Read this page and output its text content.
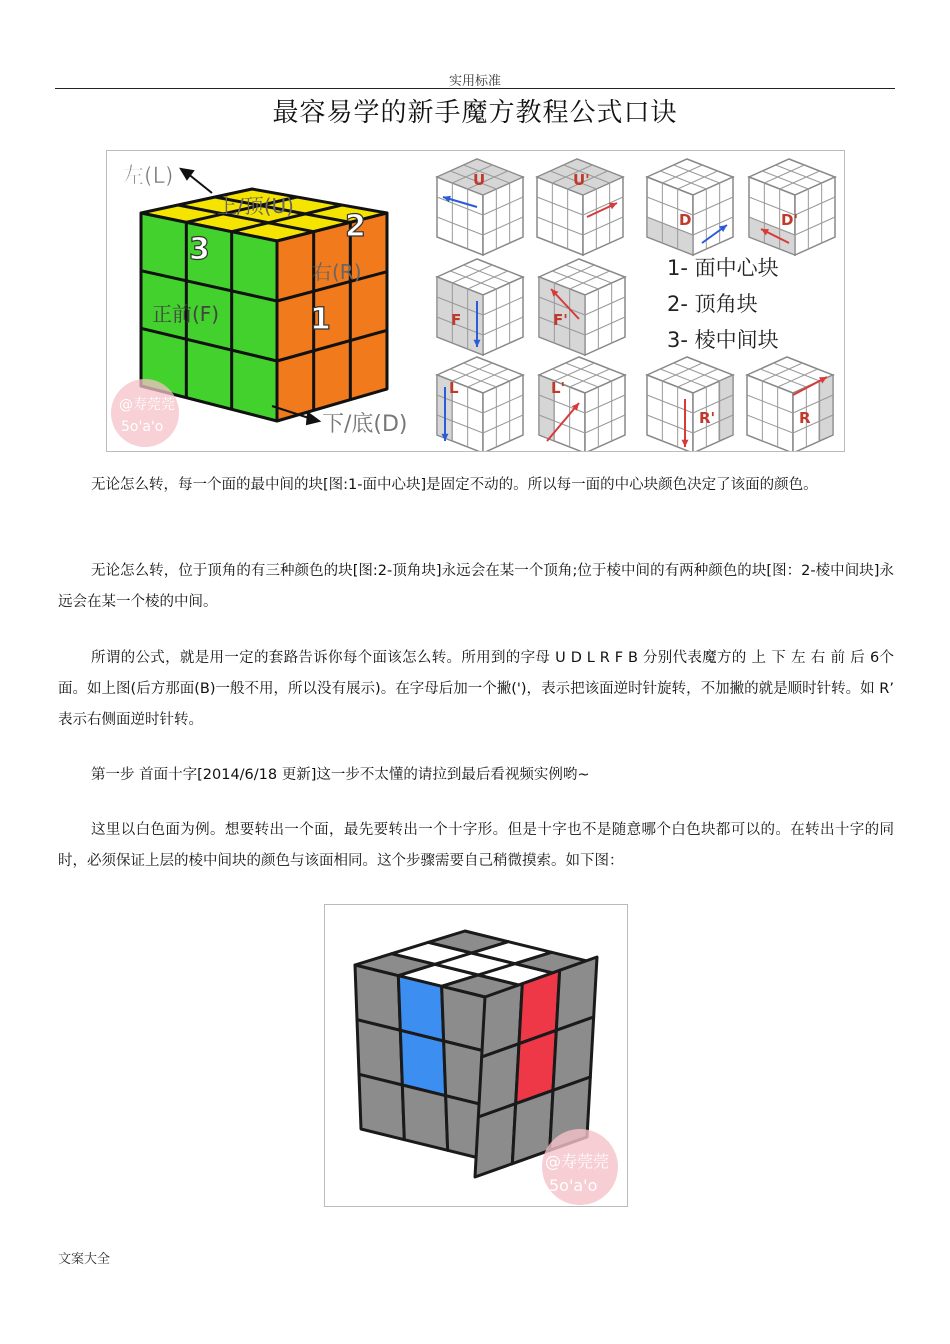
实用标准
最容易学的新手魔方教程公式口诀
左(L)
上/顶(U)
右(R)
正前(F)
下/底(D)
1
2
3
@寿莞莞
5o'a'o
U	U'
D	D'
F	F'
L	L'
R'	R
1- 面中心块
2- 顶角块
3- 棱中间块

无论怎么转，每一个面的最中间的块[图:1-面中心块]是固定不动的。所以每一面的中心块颜色决定了该面的颜色。

无论怎么转，位于顶角的有三种颜色的块[图:2-顶角块]永远会在某一个顶角;位于棱中间的有两种颜色的块[图：2-棱中间块]永远会在某一个棱的中间。

所谓的公式，就是用一定的套路告诉你每个面该怎么转。所用到的字母 U D L R F B 分别代表魔方的 上 下 左 右 前 后 6个面。如上图(后方那面(B)一般不用，所以没有展示)。在字母后加一个撇(')，表示把该面逆时针旋转，不加撇的就是顺时针转。如 R’ 表示右侧面逆时针转。

第一步 首面十字[2014/6/18 更新]这一步不太懂的请拉到最后看视频实例哟~

这里以白色面为例。想要转出一个面，最先要转出一个十字形。但是十字也不是随意哪个白色块都可以的。在转出十字的同时，必须保证上层的棱中间块的颜色与该面相同。这个步骤需要自己稍微摸索。如下图：

@寿莞莞
5o'a'o
文案大全
